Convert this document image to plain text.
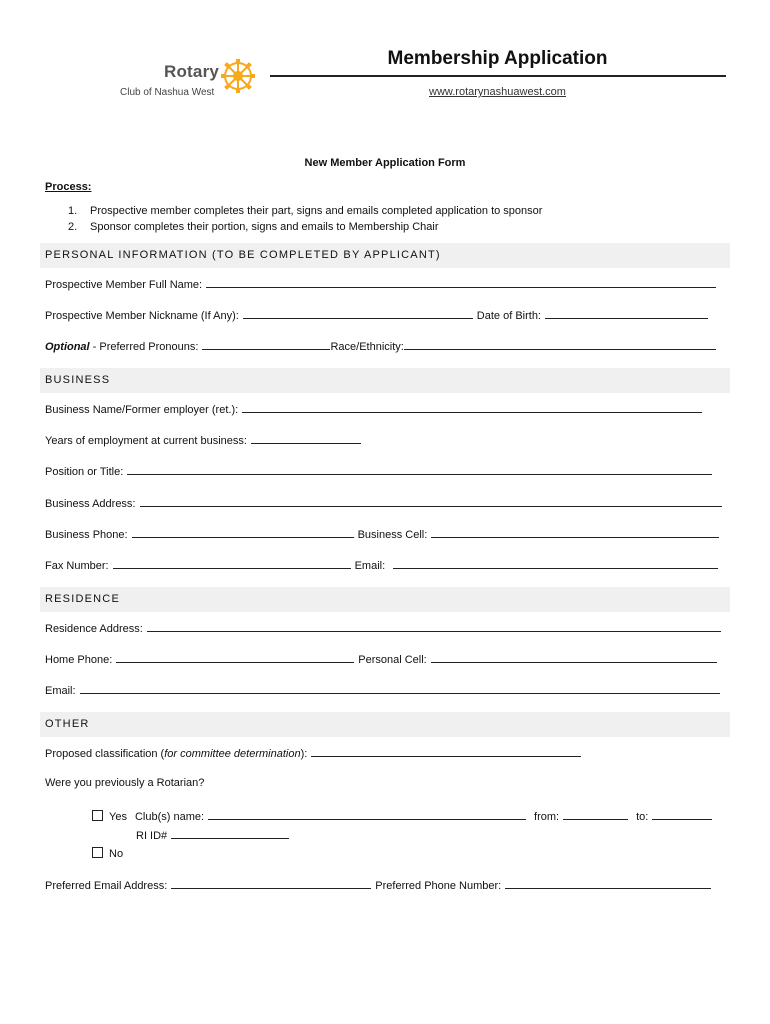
Rotary
Club of Nashua West
Membership Application
www.rotarynashuawest.com
New Member Application Form
Process:
1. Prospective member completes their part, signs and emails completed application to sponsor
2. Sponsor completes their portion, signs and emails to Membership Chair
PERSONAL INFORMATION (TO BE COMPLETED BY APPLICANT)
Prospective Member Full Name:
Prospective Member Nickname (If Any):	Date of Birth:
Optional - Preferred Pronouns:	Race/Ethnicity:
BUSINESS
Business Name/Former employer (ret.):
Years of employment at current business:
Position or Title:
Business Address:
Business Phone:	Business Cell:
Fax Number:	Email:
RESIDENCE
Residence Address:
Home Phone:	Personal Cell:
Email:
OTHER
Proposed classification (for committee determination):
Were you previously a Rotarian?
Yes Club(s) name:	from:	to:
RI ID#
No
Preferred Email Address:	Preferred Phone Number:
